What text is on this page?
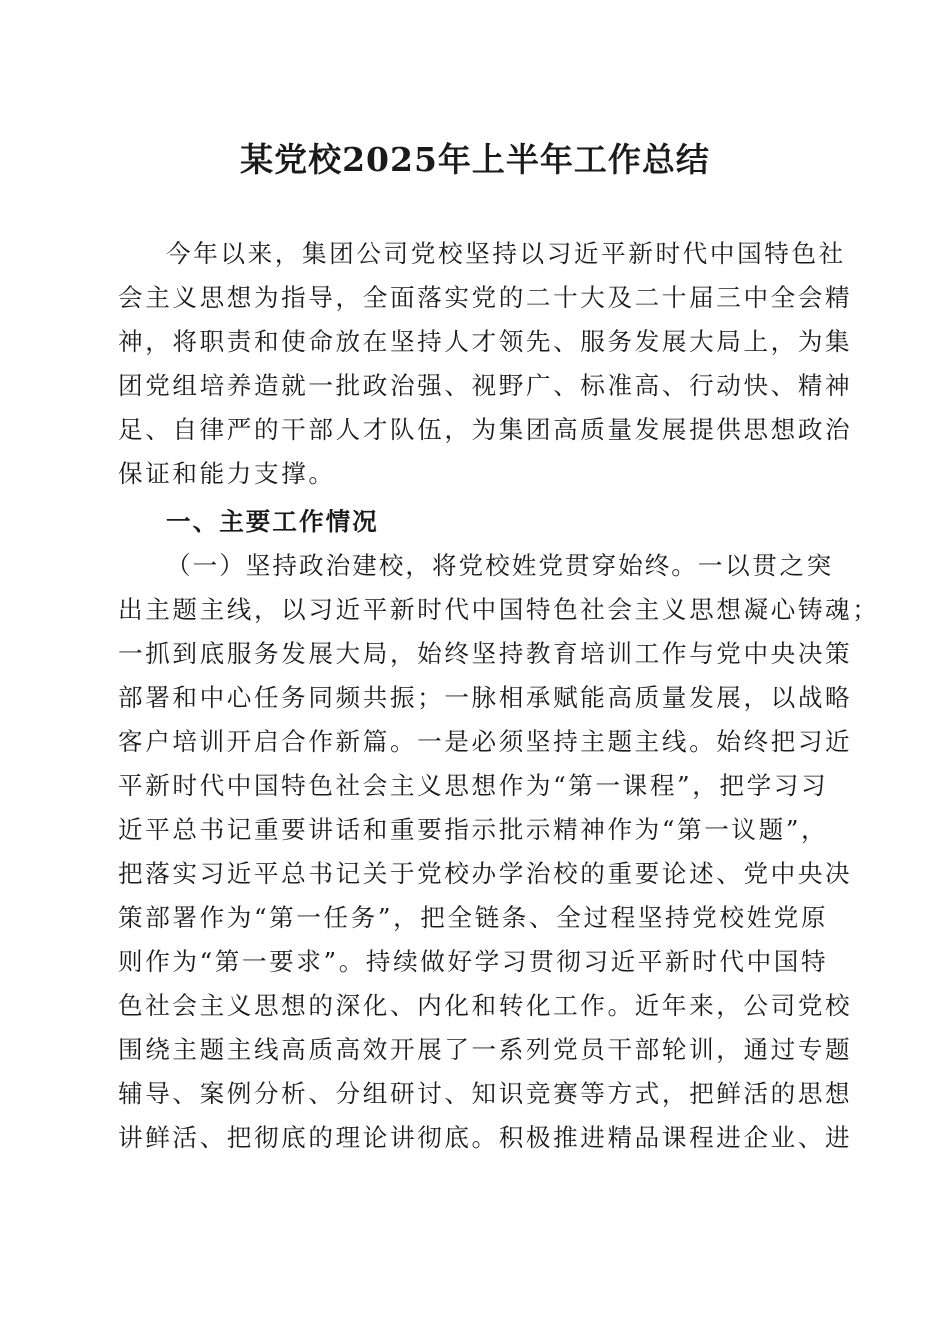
某党校2025年上半年工作总结
今年以来，集团公司党校坚持以习近平新时代中国特色社
会主义思想为指导，全面落实党的二十大及二十届三中全会精
神，将职责和使命放在坚持人才领先、服务发展大局上，为集
团党组培养造就一批政治强、视野广、标准高、行动快、精神
足、自律严的干部人才队伍，为集团高质量发展提供思想政治
保证和能力支撑。
一、主要工作情况
（一）坚持政治建校，将党校姓党贯穿始终。一以贯之突
出主题主线，以习近平新时代中国特色社会主义思想凝心铸魂；
一抓到底服务发展大局，始终坚持教育培训工作与党中央决策
部署和中心任务同频共振；一脉相承赋能高质量发展，以战略
客户培训开启合作新篇。一是必须坚持主题主线。始终把习近
平新时代中国特色社会主义思想作为“第一课程”，把学习习
近平总书记重要讲话和重要指示批示精神作为“第一议题”，
把落实习近平总书记关于党校办学治校的重要论述、党中央决
策部署作为“第一任务”，把全链条、全过程坚持党校姓党原
则作为“第一要求”。持续做好学习贯彻习近平新时代中国特
色社会主义思想的深化、内化和转化工作。近年来，公司党校
围绕主题主线高质高效开展了一系列党员干部轮训，通过专题
辅导、案例分析、分组研讨、知识竞赛等方式，把鲜活的思想
讲鲜活、把彻底的理论讲彻底。积极推进精品课程进企业、进
